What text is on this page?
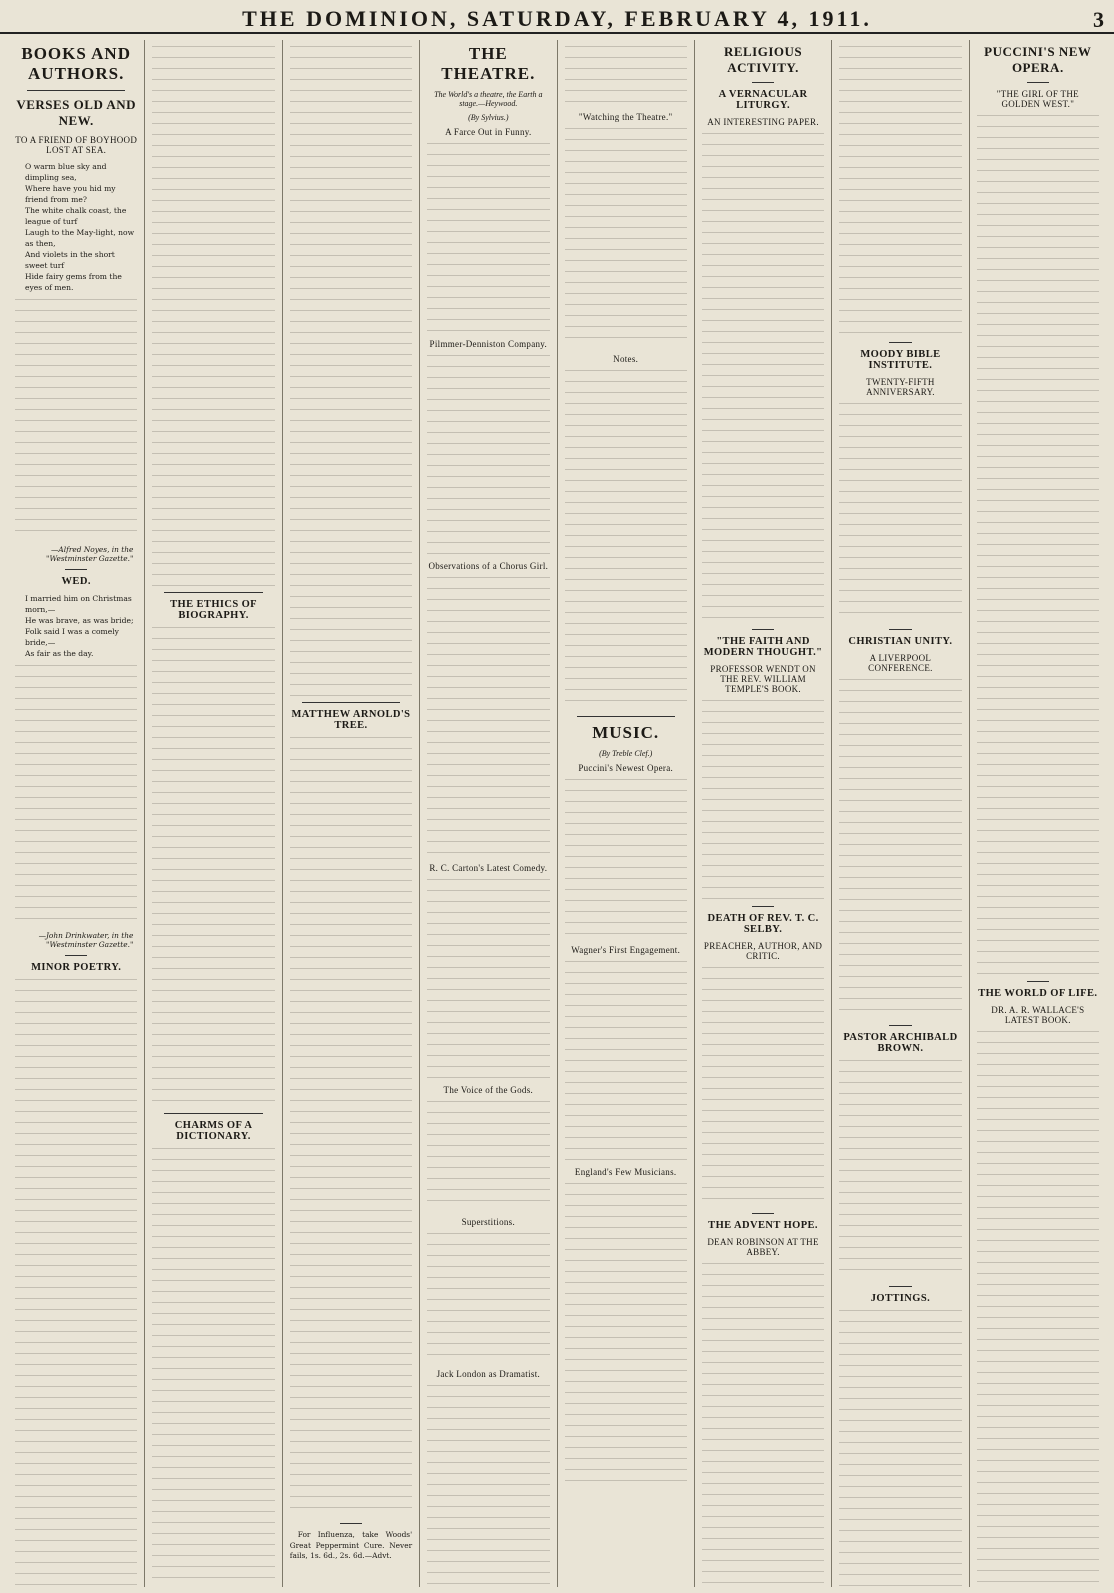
THE DOMINION, SATURDAY, FEBRUARY 4, 1911.	3
BOOKS AND AUTHORS.
VERSES OLD AND NEW.
TO A FRIEND OF BOYHOOD LOST AT SEA.
O warm blue sky and dimpling sea,
Where have you hid my friend from me?
The white chalk coast, the league of turf
Laugh to the May-light, now as then,
And violets in the short sweet turf
Hide fairy gems from the eyes of men.
—Alfred Noyes, in the "Westminster Gazette."
WED.
I married him on Christmas morn,—
He was brave, as was bride;
Folk said I was a comely bride,—
As fair as the day.
—John Drinkwater, in the "Westminster Gazette."
MINOR POETRY.
THE ETHICS OF BIOGRAPHY.
CHARMS OF A DICTIONARY.
MATTHEW ARNOLD'S TREE.
For Influenza, take Woods' Great Peppermint Cure. Never fails, 1s. 6d., 2s. 6d.—Advt.
THE THEATRE.
The World's a theatre, the Earth a stage.—Heywood.
(By Sylvius.)
A Farce Out in Funny.
Pilmmer-Denniston Company.
Observations of a Chorus Girl.
R. C. Carton's Latest Comedy.
The Voice of the Gods.
Superstitions.
Jack London as Dramatist.
"Watching the Theatre."
Notes.
MUSIC.
(By Treble Clef.)
Puccini's Newest Opera.
Wagner's First Engagement.
England's Few Musicians.
RELIGIOUS ACTIVITY.
A VERNACULAR LITURGY.
AN INTERESTING PAPER.
"THE FAITH AND MODERN THOUGHT."
PROFESSOR WENDT ON THE REV. WILLIAM TEMPLE'S BOOK.
DEATH OF REV. T. C. SELBY.
PREACHER, AUTHOR, AND CRITIC.
THE ADVENT HOPE.
DEAN ROBINSON AT THE ABBEY.
MOODY BIBLE INSTITUTE.
TWENTY-FIFTH ANNIVERSARY.
CHRISTIAN UNITY.
A LIVERPOOL CONFERENCE.
PASTOR ARCHIBALD BROWN.
JOTTINGS.
PUCCINI'S NEW OPERA.
"THE GIRL OF THE GOLDEN WEST."
THE WORLD OF LIFE.
DR. A. R. WALLACE'S LATEST BOOK.
